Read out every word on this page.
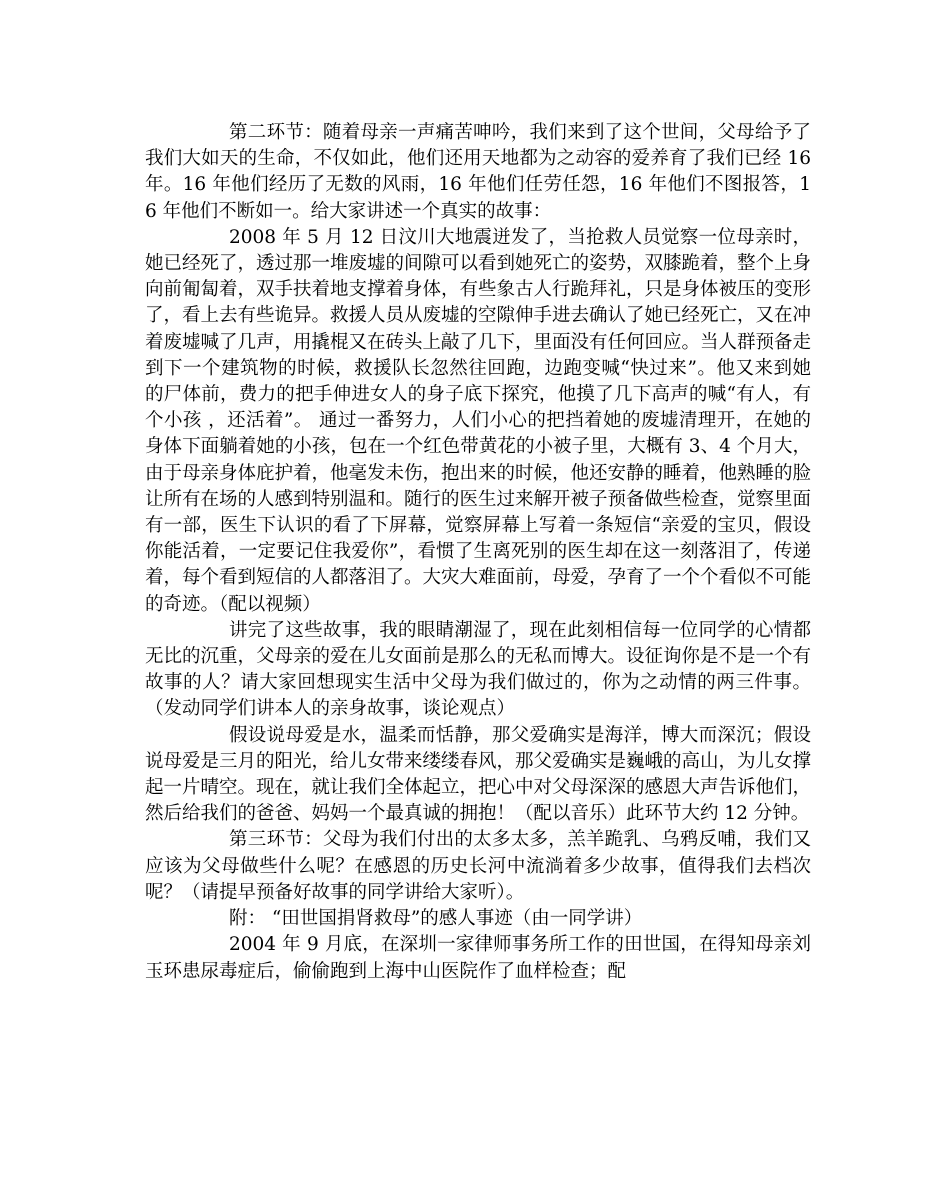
第二环节：随着母亲一声痛苦呻吟，我们来到了这个世间，父母给予了我们大如天的生命，不仅如此，他们还用天地都为之动容的爱养育了我们已经 16 年。16 年他们经历了无数的风雨，16 年他们任劳任怨，16 年他们不图报答，16 年他们不断如一。给大家讲述一个真实的故事：

2008 年 5 月 12 日汶川大地震迸发了，当抢救人员觉察一位母亲时，她已经死了，透过那一堆废墟的间隙可以看到她死亡的姿势，双膝跪着，整个上身向前匍匐着，双手扶着地支撑着身体，有些象古人行跪拜礼，只是身体被压的变形了，看上去有些诡异。救援人员从废墟的空隙伸手进去确认了她已经死亡，又在冲着废墟喊了几声，用撬棍又在砖头上敲了几下，里面没有任何回应。当人群预备走到下一个建筑物的时候，救援队长忽然往回跑，边跑变喊“快过来”。他又来到她的尸体前，费力的把手伸进女人的身子底下探究，他摸了几下高声的喊“有人，有个小孩 ，还活着”。 通过一番努力，人们小心的把挡着她的废墟清理开，在她的身体下面躺着她的小孩，包在一个红色带黄花的小被子里，大概有 3、4 个月大，由于母亲身体庇护着，他毫发未伤，抱出来的时候，他还安静的睡着，他熟睡的脸让所有在场的人感到特别温和。随行的医生过来解开被子预备做些检查，觉察里面有一部，医生下认识的看了下屏幕，觉察屏幕上写着一条短信“亲爱的宝贝，假设你能活着，一定要记住我爱你”，看惯了生离死别的医生却在这一刻落泪了，传递着，每个看到短信的人都落泪了。大灾大难面前，母爱，孕育了一个个看似不可能的奇迹。（配以视频）

讲完了这些故事，我的眼睛潮湿了，现在此刻相信每一位同学的心情都无比的沉重，父母亲的爱在儿女面前是那么的无私而博大。设征询你是不是一个有故事的人？请大家回想现实生活中父母为我们做过的，你为之动情的两三件事。（发动同学们讲本人的亲身故事，谈论观点）

假设说母爱是水，温柔而恬静，那父爱确实是海洋，博大而深沉；假设说母爱是三月的阳光，给儿女带来缕缕春风，那父爱确实是巍峨的高山，为儿女撑起一片晴空。现在，就让我们全体起立，把心中对父母深深的感恩大声告诉他们，然后给我们的爸爸、妈妈一个最真诚的拥抱！（配以音乐）此环节大约 12 分钟。

第三环节：父母为我们付出的太多太多，羔羊跪乳、乌鸦反哺，我们又应该为父母做些什么呢？在感恩的历史长河中流淌着多少故事，值得我们去档次呢？（请提早预备好故事的同学讲给大家听）。

附： “田世国捐肾救母”的感人事迹（由一同学讲）

2004 年 9 月底，在深圳一家律师事务所工作的田世国，在得知母亲刘玉环患尿毒症后，偷偷跑到上海中山医院作了血样检查；配
